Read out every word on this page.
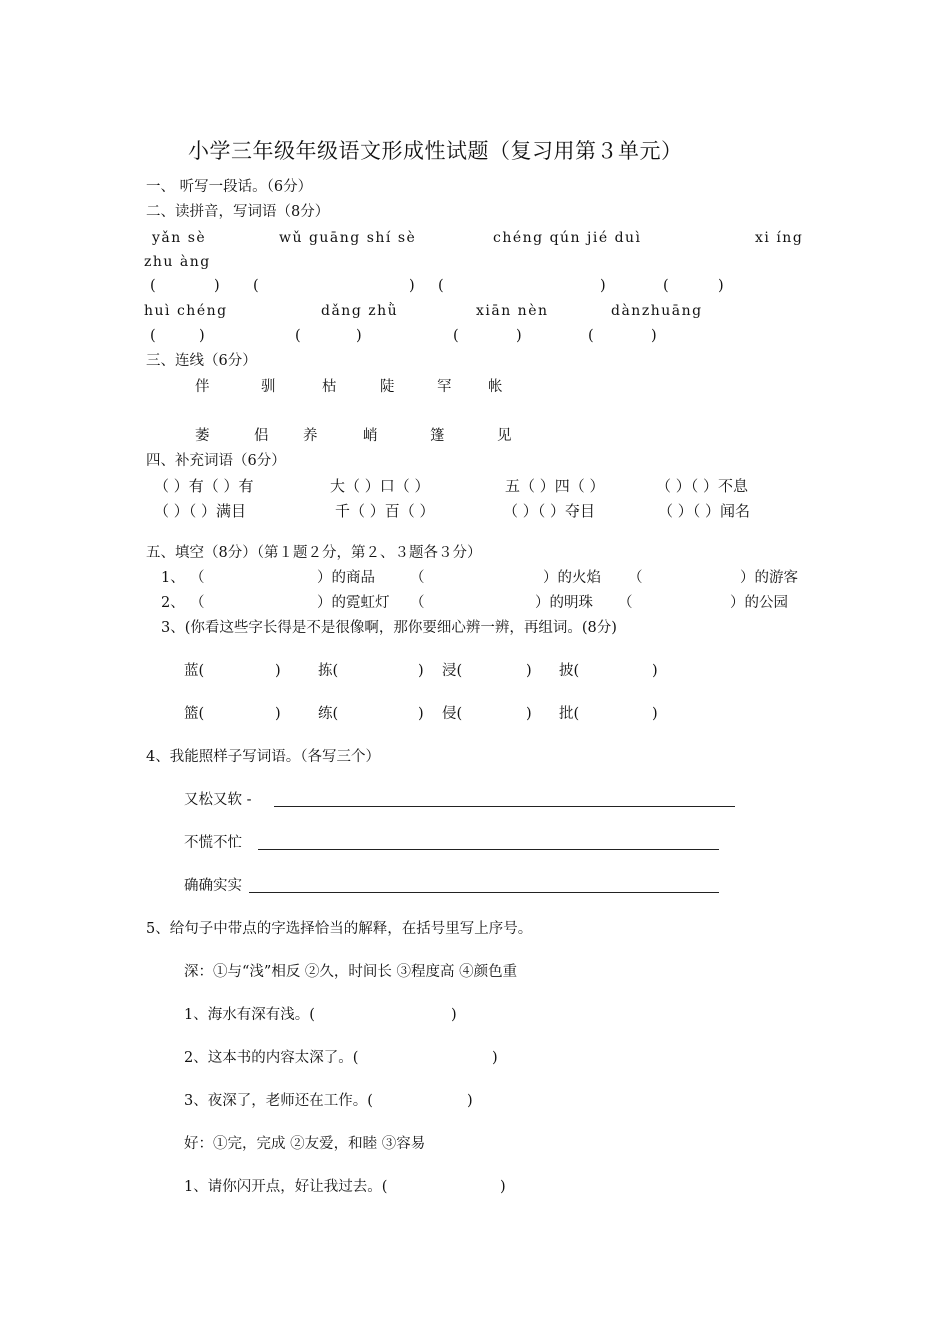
小学三年级年级语文形成性试题（复习用第３单元）
一、 听写一段话。（6分）
二、读拼音，写词语（8分）
yǎn sè	wǔ guāng shí sè	chéng qún jié duì	xi íng
zhu àng
(	) (	) (	)	(	)
huì chéng	dǎng zhǜ	xiān nèn	dànzhuāng
(	)	(	)	(	)	(	)
三、连线（6分）
伴	驯	枯	陡	罕	帐
萎	侣 养	峭	篷	见
四、补充词语（6分）
（ ）有（ ）有	大（ ）口（ ）	五（ ）四（ ）	（ ）（ ）不息
（ ）（ ）满目	千（ ）百（ ）	（ ）（ ）夺目	（ ）（ ）闻名
五、填空（8分）（第１题２分，第２、３题各３分）
1、 （	）的商品 （	）的火焰 （	）的游客
2、 （	）的霓虹灯 （	）的明珠 （	）的公园
3、(你看这些字长得是不是很像啊，那你要细心辨一辨，再组词。(8分)
蓝(	)	拣(	) 浸(	) 披(	)
篮(	)	练(	) 侵(	) 批(	)
4、我能照样子写词语。（各写三个）
又松又软 -
不慌不忙
确确实实
5、给句子中带点的字选择恰当的解释，在括号里写上序号。
深：①与“浅”相反 ②久，时间长 ③程度高 ④颜色重
1、海水有深有浅。(	)
2、这本书的内容太深了。(	)
3、夜深了，老师还在工作。(	)
好：①完，完成 ②友爱，和睦 ③容易
1、请你闪开点，好让我过去。(	)
